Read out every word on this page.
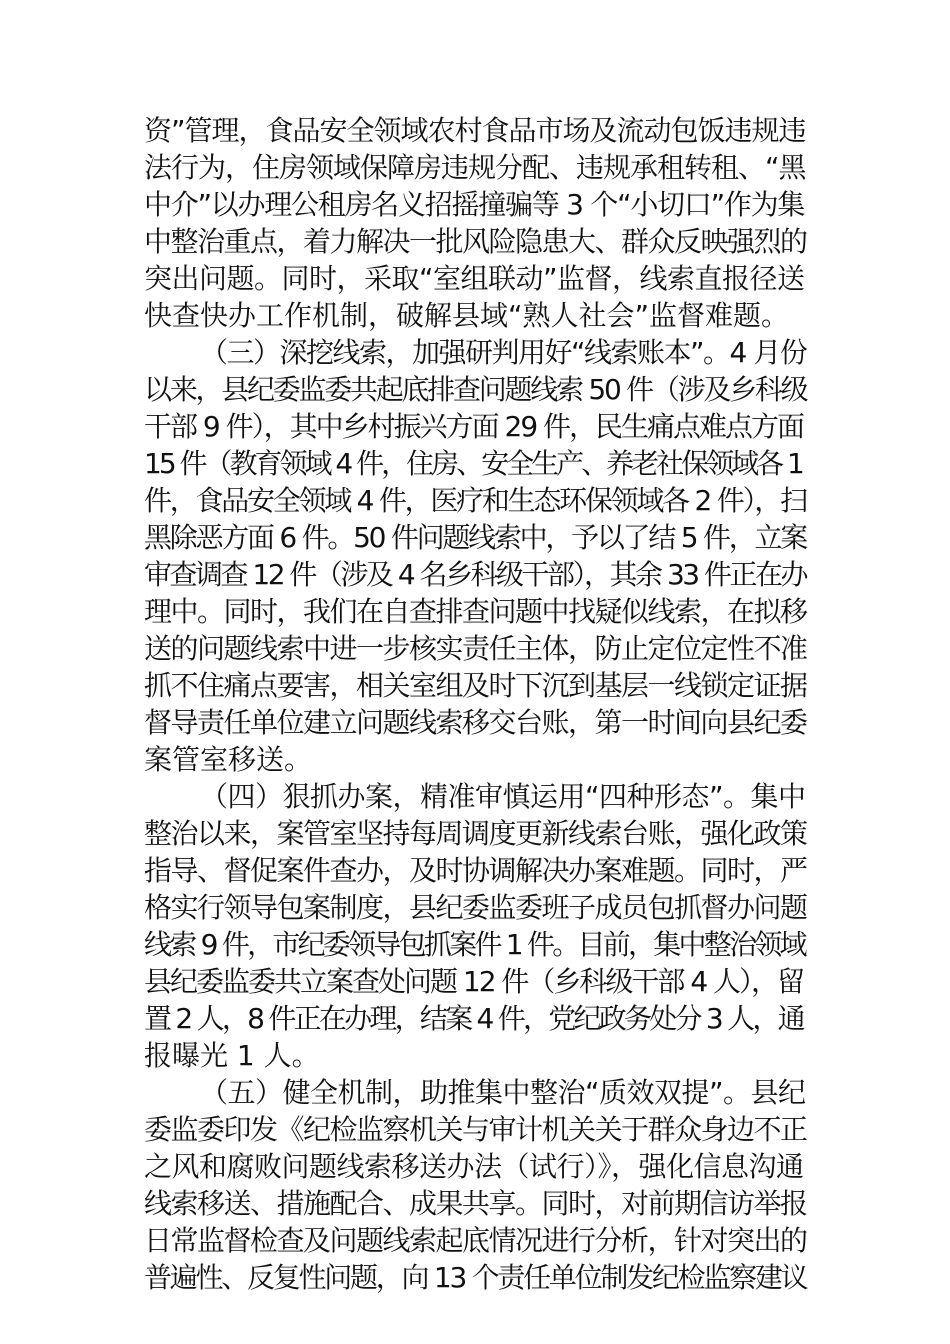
资”管理，食品安全领域农村食品市场及流动包饭违规违
法行为，住房领域保障房违规分配、违规承租转租、“黑
中介”以办理公租房名义招摇撞骗等 3 个“小切口”作为集
中整治重点，着力解决一批风险隐患大、群众反映强烈的
突出问题。同时，采取“室组联动”监督，线索直报径送
快查快办工作机制，破解县域“熟人社会”监督难题。

（三）深挖线索，加强研判用好“线索账本”。4 月份
以来，县纪委监委共起底排查问题线索 50 件（涉及乡科级
干部 9 件），其中乡村振兴方面 29 件，民生痛点难点方面
15 件（教育领域 4 件，住房、安全生产、养老社保领域各 1
件，食品安全领域 4 件，医疗和生态环保领域各 2 件），扫
黑除恶方面 6 件。50 件问题线索中，予以了结 5 件，立案
审查调查 12 件（涉及 4 名乡科级干部），其余 33 件正在办
理中。同时，我们在自查排查问题中找疑似线索，在拟移
送的问题线索中进一步核实责任主体，防止定位定性不准
抓不住痛点要害，相关室组及时下沉到基层一线锁定证据
督导责任单位建立问题线索移交台账，第一时间向县纪委
案管室移送。

（四）狠抓办案，精准审慎运用“四种形态”。集中
整治以来，案管室坚持每周调度更新线索台账，强化政策
指导、督促案件查办，及时协调解决办案难题。同时，严
格实行领导包案制度，县纪委监委班子成员包抓督办问题
线索 9 件，市纪委领导包抓案件 1 件。目前，集中整治领域
县纪委监委共立案查处问题 12 件（乡科级干部 4 人），留
置 2 人，8 件正在办理，结案 4 件，党纪政务处分 3 人，通
报曝光 1 人。

（五）健全机制，助推集中整治“质效双提”。县纪
委监委印发《纪检监察机关与审计机关关于群众身边不正
之风和腐败问题线索移送办法（试行）》，强化信息沟通
线索移送、措施配合、成果共享。同时，对前期信访举报
日常监督检查及问题线索起底情况进行分析，针对突出的
普遍性、反复性问题，向 13 个责任单位制发纪检监察建议
